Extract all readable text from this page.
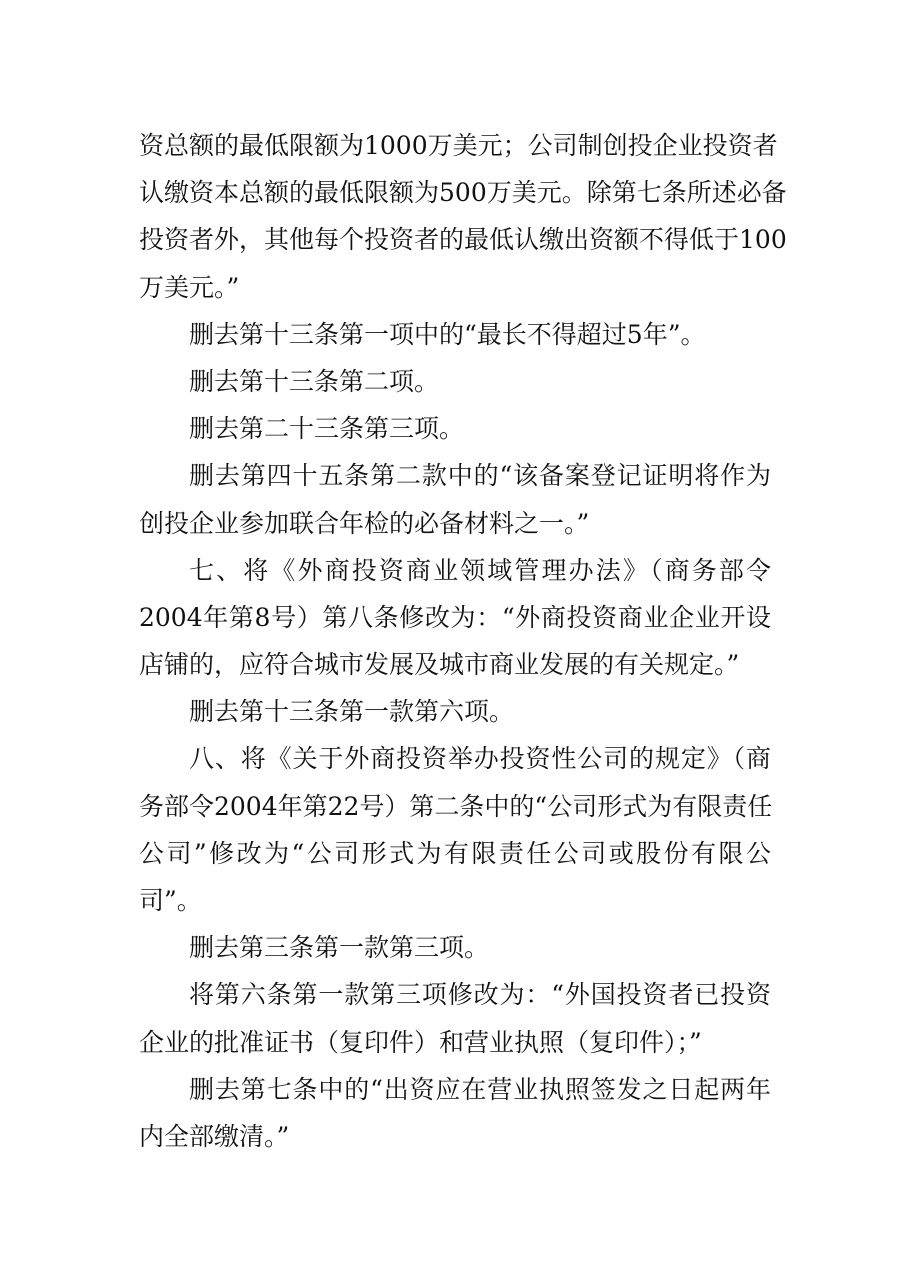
资总额的最低限额为1000万美元；公司制创投企业投资者
认缴资本总额的最低限额为500万美元。除第七条所述必备
投资者外，其他每个投资者的最低认缴出资额不得低于100
万美元。”
删去第十三条第一项中的“最长不得超过5年”。
删去第十三条第二项。
删去第二十三条第三项。
删去第四十五条第二款中的“该备案登记证明将作为
创投企业参加联合年检的必备材料之一。”
七、将《外商投资商业领域管理办法》（商务部令
2004年第8号）第八条修改为：“外商投资商业企业开设
店铺的，应符合城市发展及城市商业发展的有关规定。”
删去第十三条第一款第六项。
八、将《关于外商投资举办投资性公司的规定》（商
务部令2004年第22号）第二条中的“公司形式为有限责任
公司”修改为“公司形式为有限责任公司或股份有限公
司”。
删去第三条第一款第三项。
将第六条第一款第三项修改为：“外国投资者已投资
企业的批准证书（复印件）和营业执照（复印件）；”
删去第七条中的“出资应在营业执照签发之日起两年
内全部缴清。”
